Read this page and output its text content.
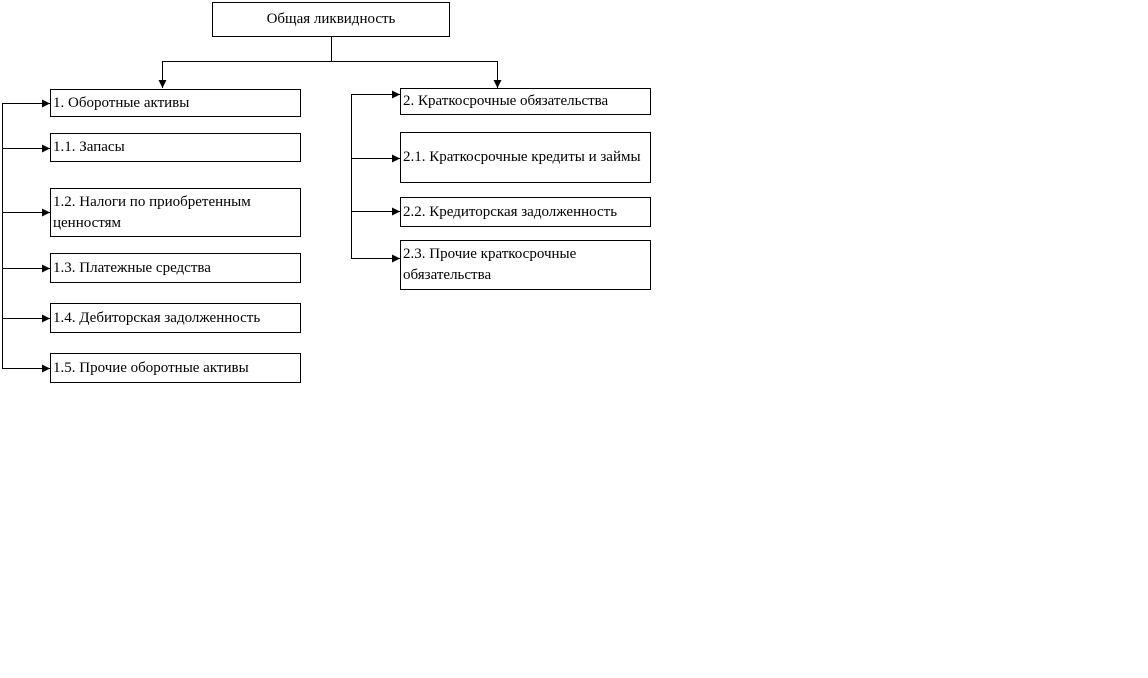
Общая ликвидность
1. Оборотные активы
1.1. Запасы
1.2. Налоги по приобретенным ценностям
1.3. Платежные средства
1.4. Дебиторская задолженность
1.5. Прочие оборотные активы
2. Краткосрочные обязательства
2.1. Краткосрочные кредиты и займы
2.2. Кредиторская задолженность
2.3. Прочие краткосрочные обязательства
